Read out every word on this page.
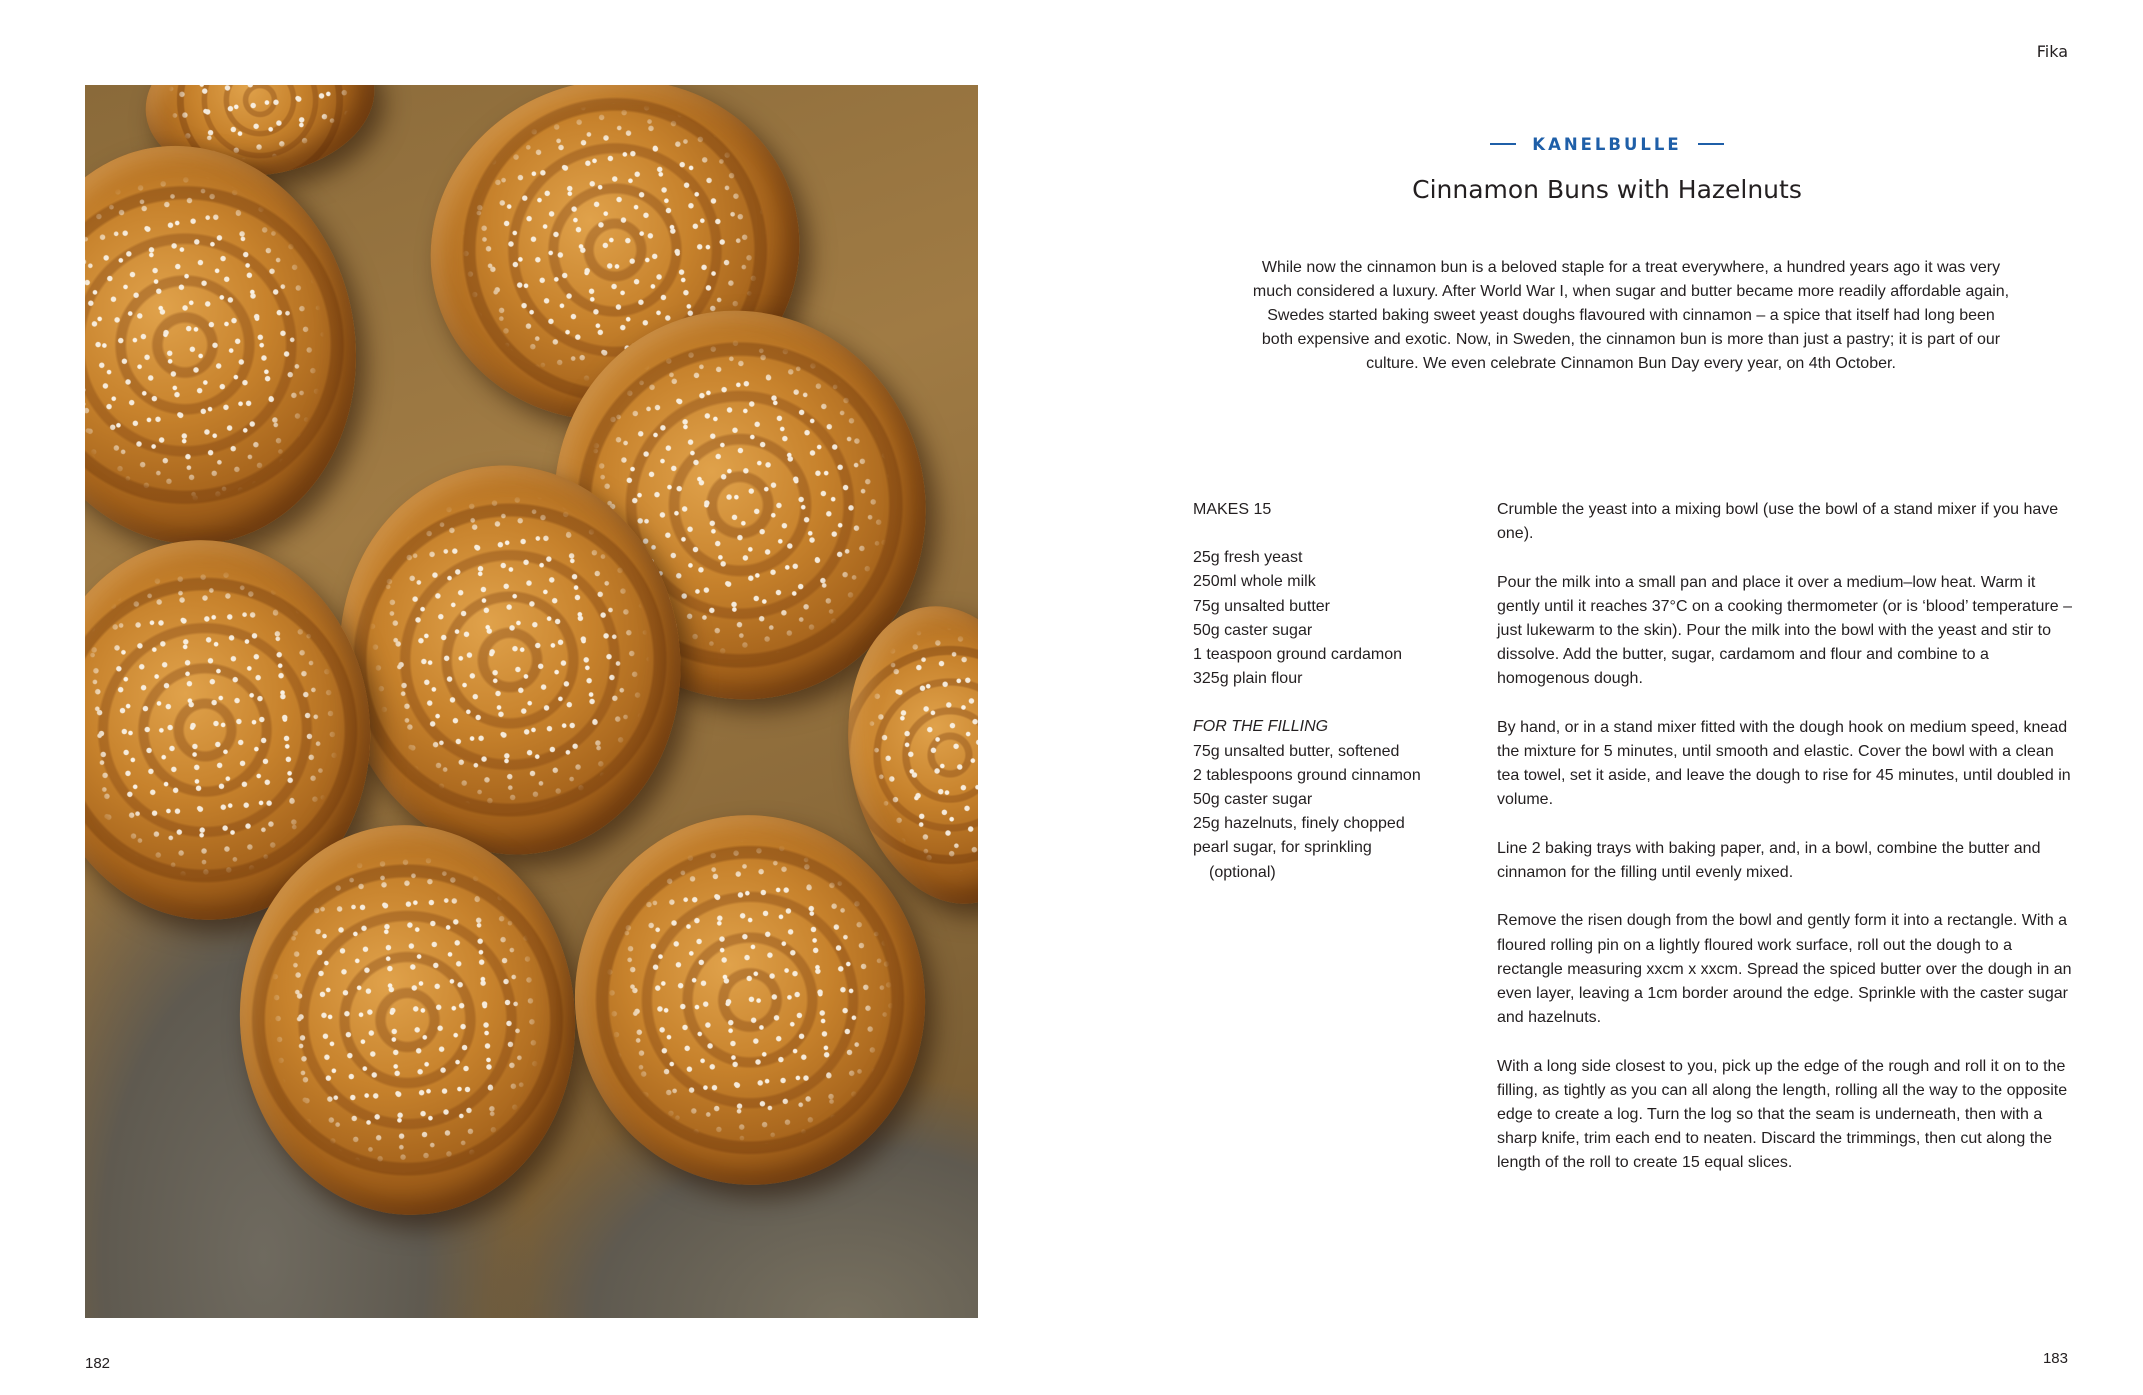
182
Fika
KANELBULLE
Cinnamon Buns with Hazelnuts

While now the cinnamon bun is a beloved staple for a treat everywhere, a hundred years ago it was very much considered a luxury. After World War I, when sugar and butter became more readily affordable again, Swedes started baking sweet yeast doughs flavoured with cinnamon – a spice that itself had long been both expensive and exotic. Now, in Sweden, the cinnamon bun is more than just a pastry; it is part of our culture. We even celebrate Cinnamon Bun Day every year, on 4th October.

MAKES 15
25g fresh yeast
250ml whole milk
75g unsalted butter
50g caster sugar
1 teaspoon ground cardamon
325g plain flour
FOR THE FILLING
75g unsalted butter, softened
2 tablespoons ground cinnamon
50g caster sugar
25g hazelnuts, finely chopped
pearl sugar, for sprinkling
(optional)

Crumble the yeast into a mixing bowl (use the bowl of a stand mixer if you have one).

Pour the milk into a small pan and place it over a medium–low heat. Warm it gently until it reaches 37°C on a cooking thermometer (or is ‘blood’ temperature – just lukewarm to the skin). Pour the milk into the bowl with the yeast and stir to dissolve. Add the butter, sugar, cardamom and flour and combine to a homogenous dough.

By hand, or in a stand mixer fitted with the dough hook on medium speed, knead the mixture for 5 minutes, until smooth and elastic. Cover the bowl with a clean tea towel, set it aside, and leave the dough to rise for 45 minutes, until doubled in volume.

Line 2 baking trays with baking paper, and, in a bowl, combine the butter and cinnamon for the filling until evenly mixed.

Remove the risen dough from the bowl and gently form it into a rectangle. With a floured rolling pin on a lightly floured work surface, roll out the dough to a rectangle measuring xxcm x xxcm. Spread the spiced butter over the dough in an even layer, leaving a 1cm border around the edge. Sprinkle with the caster sugar and hazelnuts.

With a long side closest to you, pick up the edge of the rough and roll it on to the filling, as tightly as you can all along the length, rolling all the way to the opposite edge to create a log. Turn the log so that the seam is underneath, then with a sharp knife, trim each end to neaten. Discard the trimmings, then cut along the length of the roll to create 15 equal slices.

183
